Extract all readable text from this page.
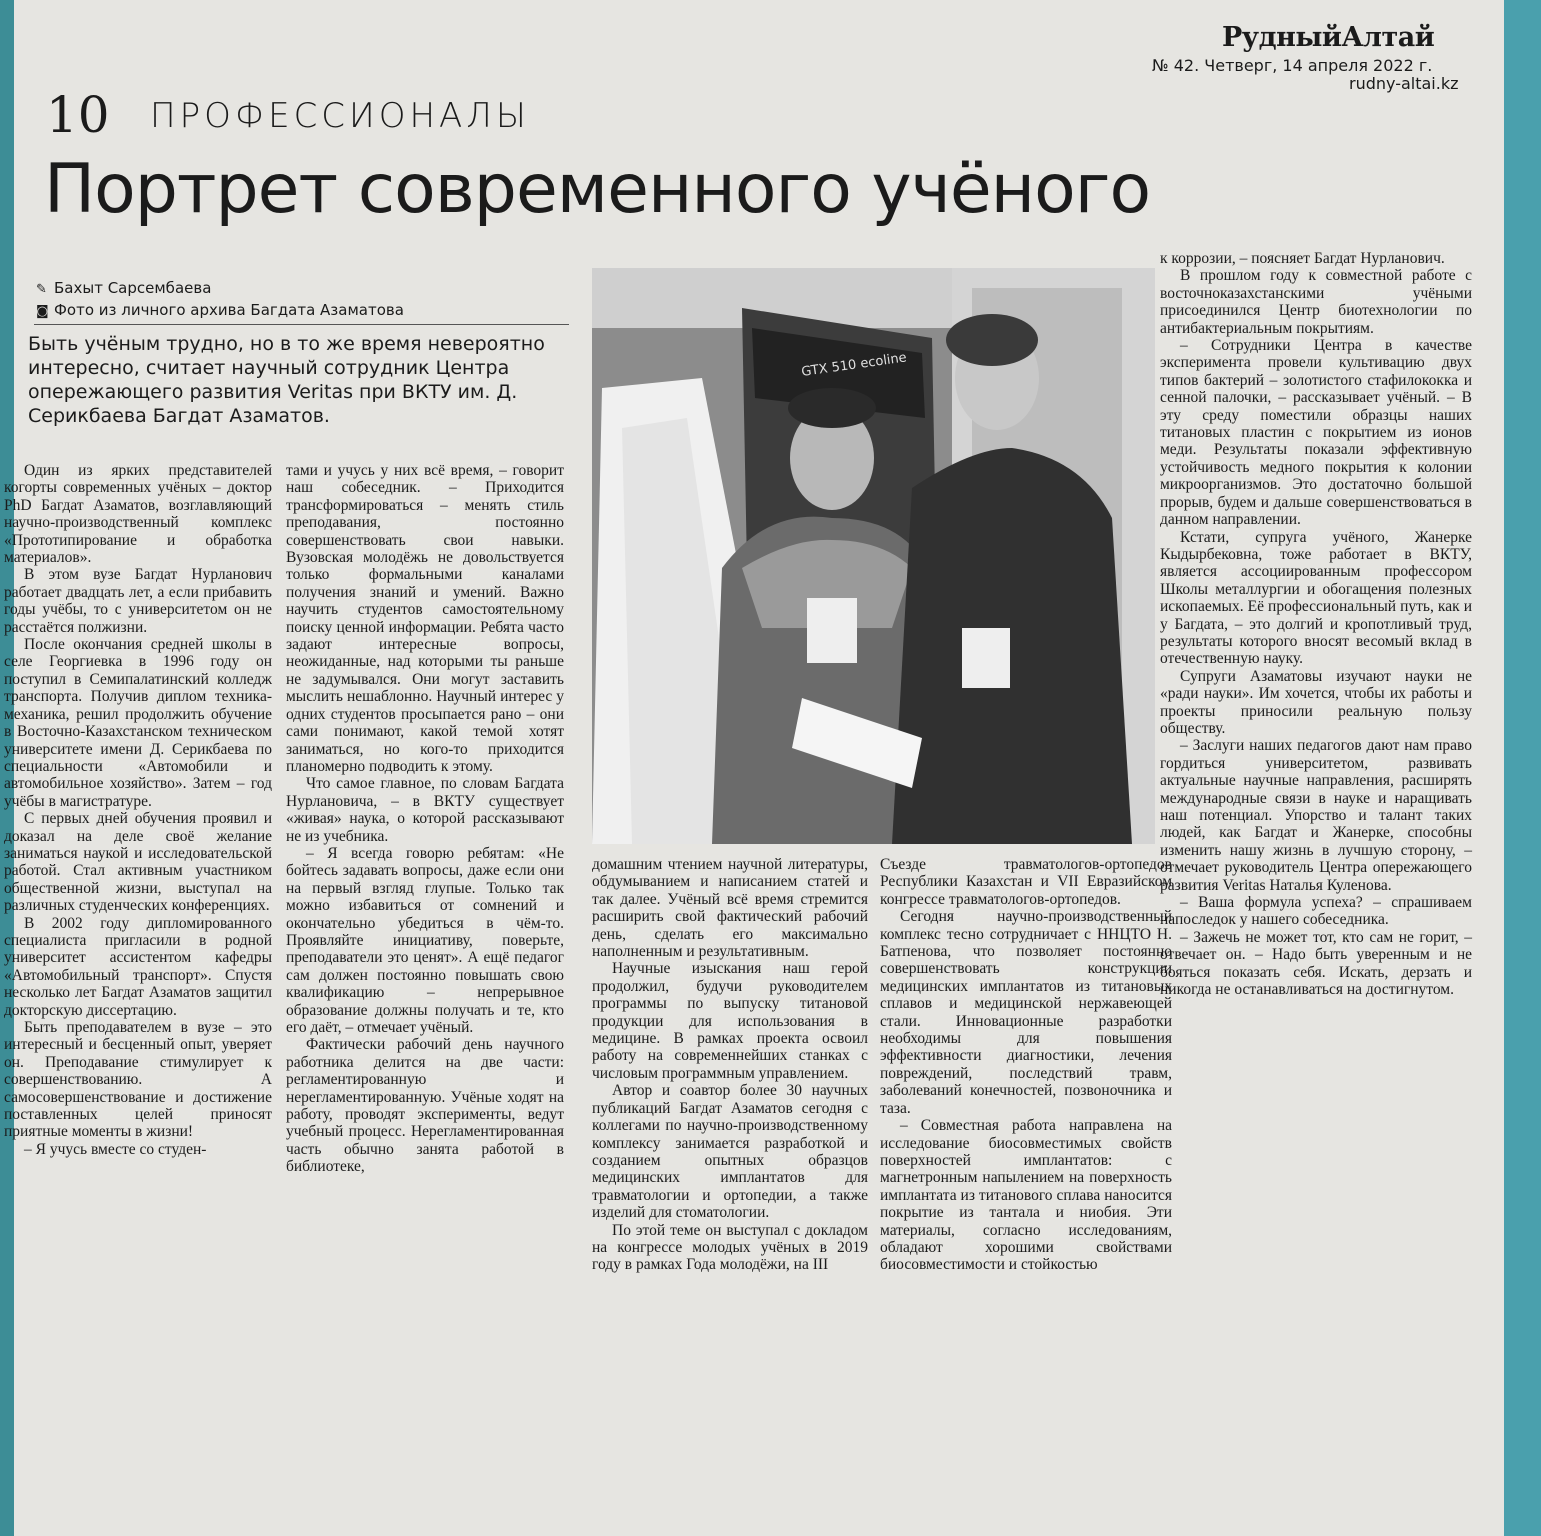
РудныйАлтай
№ 42. Четверг, 14 апреля 2022 г.
rudny-altai.kz
10 ПРОФЕССИОНАЛЫ
Портрет современного учёного
✎ Бахыт Сарсембаева
◙ Фото из личного архива Багдата Азаматова
Быть учёным трудно, но в то же время невероятно интересно, считает научный сотрудник Центра опережающего развития Veritas при ВКТУ им. Д. Серикбаева Багдат Азаматов.

Один из ярких представителей когорты современных учёных – доктор PhD Багдат Азаматов, возглавляющий научно-производственный комплекс «Прототипирование и обработка материалов».

В этом вузе Багдат Нурланович работает двадцать лет, а если прибавить годы учёбы, то с университетом он не расстаётся полжизни.

После окончания средней школы в селе Георгиевка в 1996 году он поступил в Семипалатинский колледж транспорта. Получив диплом техника-механика, решил продолжить обучение в Восточно-Казахстанском техническом университете имени Д. Серикбаева по специальности «Автомобили и автомобильное хозяйство». Затем – год учёбы в магистратуре.

С первых дней обучения проявил и доказал на деле своё желание заниматься наукой и исследовательской работой. Стал активным участником общественной жизни, выступал на различных студенческих конференциях.

В 2002 году дипломированного специалиста пригласили в родной университет ассистентом кафедры «Автомобильный транспорт». Спустя несколько лет Багдат Азаматов защитил докторскую диссертацию.

Быть преподавателем в вузе – это интересный и бесценный опыт, уверяет он. Преподавание стимулирует к совершенствованию. А самосовершенствование и достижение поставленных целей приносят приятные моменты в жизни!

– Я учусь вместе со студен-

тами и учусь у них всё время, – говорит наш собеседник. – Приходится трансформироваться – менять стиль преподавания, постоянно совершенствовать свои навыки. Вузовская молодёжь не довольствуется только формальными каналами получения знаний и умений. Важно научить студентов самостоятельному поиску ценной информации. Ребята часто задают интересные вопросы, неожиданные, над которыми ты раньше не задумывался. Они могут заставить мыслить нешаблонно. Научный интерес у одних студентов просыпается рано – они сами понимают, какой темой хотят заниматься, но кого-то приходится планомерно подводить к этому.

Что самое главное, по словам Багдата Нурлановича, – в ВКТУ существует «живая» наука, о которой рассказывают не из учебника.

– Я всегда говорю ребятам: «Не бойтесь задавать вопросы, даже если они на первый взгляд глупые. Только так можно избавиться от сомнений и окончательно убедиться в чём-то. Проявляйте инициативу, поверьте, преподаватели это ценят». А ещё педагог сам должен постоянно повышать свою квалификацию – непрерывное образование должны получать и те, кто его даёт, – отмечает учёный.

Фактически рабочий день научного работника делится на две части: регламентированную и нерегламентированную. Учёные ходят на работу, проводят эксперименты, ведут учебный процесс. Нерегламентированная часть обычно занята работой в библиотеке,

GTX 510 ecoline

домашним чтением научной литературы, обдумыванием и написанием статей и так далее. Учёный всё время стремится расширить свой фактический рабочий день, сделать его максимально наполненным и результативным.

Научные изыскания наш герой продолжил, будучи руководителем программы по выпуску титановой продукции для использования в медицине. В рамках проекта освоил работу на современнейших станках с числовым программным управлением.

Автор и соавтор более 30 научных публикаций Багдат Азаматов сегодня с коллегами по научно-производственному комплексу занимается разработкой и созданием опытных образцов медицинских имплантатов для травматологии и ортопедии, а также изделий для стоматологии.

По этой теме он выступал с докладом на конгрессе молодых учёных в 2019 году в рамках Года молодёжи, на III

Съезде травматологов-ортопедов Республики Казахстан и VII Евразийском конгрессе травматологов-ортопедов.

Сегодня научно-производственный комплекс тесно сотрудничает с ННЦТО Н. Батпенова, что позволяет постоянно совершенствовать конструкции медицинских имплантатов из титановых сплавов и медицинской нержавеющей стали. Инновационные разработки необходимы для повышения эффективности диагностики, лечения повреждений, последствий травм, заболеваний конечностей, позвоночника и таза.

– Совместная работа направлена на исследование биосовместимых свойств поверхностей имплантатов: с магнетронным напылением на поверхность имплантата из титанового сплава наносится покрытие из тантала и ниобия. Эти материалы, согласно исследованиям, обладают хорошими свойствами биосовместимости и стойкостью

к коррозии, – поясняет Багдат Нурланович.

В прошлом году к совместной работе с восточноказахстанскими учёными присоединился Центр биотехнологии по антибактериальным покрытиям.

– Сотрудники Центра в качестве эксперимента провели культивацию двух типов бактерий – золотистого стафилококка и сенной палочки, – рассказывает учёный. – В эту среду поместили образцы наших титановых пластин с покрытием из ионов меди. Результаты показали эффективную устойчивость медного покрытия к колонии микроорганизмов. Это достаточно большой прорыв, будем и дальше совершенствоваться в данном направлении.

Кстати, супруга учёного, Жанерке Кыдырбековна, тоже работает в ВКТУ, является ассоциированным профессором Школы металлургии и обогащения полезных ископаемых. Её профессиональный путь, как и у Багдата, – это долгий и кропотливый труд, результаты которого вносят весомый вклад в отечественную науку.

Супруги Азаматовы изучают науки не «ради науки». Им хочется, чтобы их работы и проекты приносили реальную пользу обществу.

– Заслуги наших педагогов дают нам право гордиться университетом, развивать актуальные научные направления, расширять международные связи в науке и наращивать наш потенциал. Упорство и талант таких людей, как Багдат и Жанерке, способны изменить нашу жизнь в лучшую сторону, – отмечает руководитель Центра опережающего развития Veritas Наталья Куленова.

– Ваша формула успеха? – спрашиваем напоследок у нашего собеседника.

– Зажечь не может тот, кто сам не горит, – отвечает он. – Надо быть уверенным и не бояться показать себя. Искать, дерзать и никогда не останавливаться на достигнутом.
